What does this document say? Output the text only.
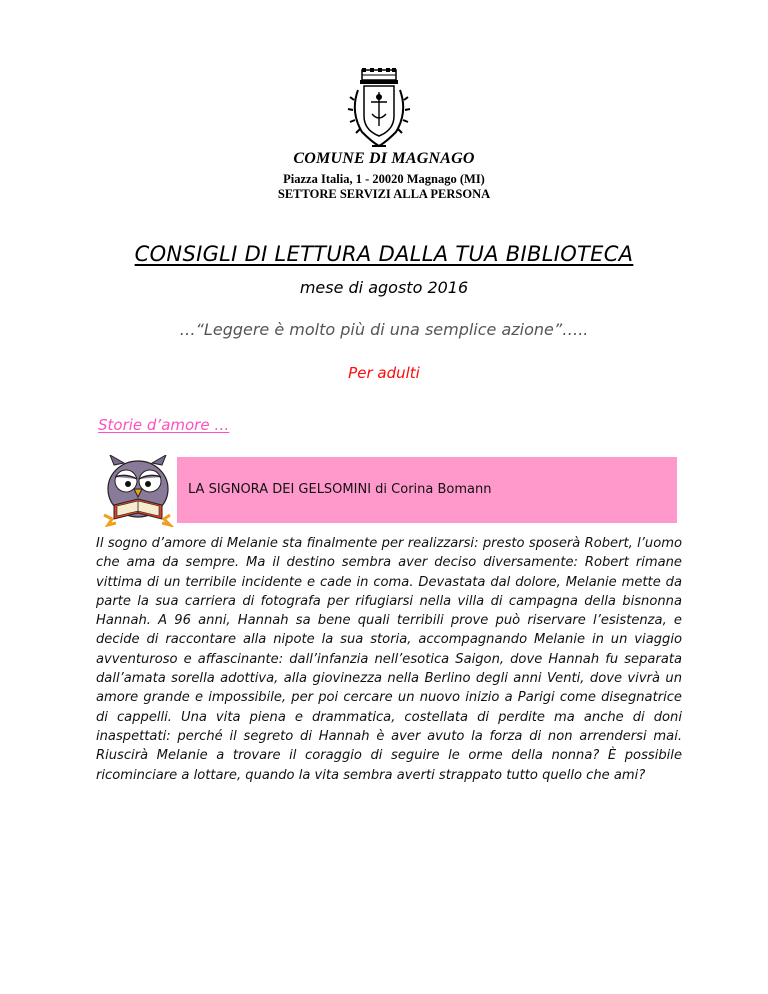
COMUNE DI MAGNAGO
Piazza Italia, 1 - 20020 Magnago (MI)
SETTORE SERVIZI ALLA PERSONA
CONSIGLI DI LETTURA DALLA TUA BIBLIOTECA
mese di agosto 2016
…“Leggere è molto più di una semplice azione”…..
Per adulti
Storie d’amore …
LA SIGNORA DEI GELSOMINI di Corina Bomann

Il sogno d’amore di Melanie sta finalmente per realizzarsi: presto sposerà Robert, l’uomo che ama da sempre. Ma il destino sembra aver deciso diversamente: Robert rimane vittima di un terribile incidente e cade in coma. Devastata dal dolore, Melanie mette da parte la sua carriera di fotografa per rifugiarsi nella villa di campagna della bisnonna Hannah. A 96 anni, Hannah sa bene quali terribili prove può riservare l’esistenza, e decide di raccontare alla nipote la sua storia, accompagnando Melanie in un viaggio avventuroso e affascinante: dall’infanzia nell’esotica Saigon, dove Hannah fu separata dall’amata sorella adottiva, alla giovinezza nella Berlino degli anni Venti, dove vivrà un amore grande e impossibile, per poi cercare un nuovo inizio a Parigi come disegnatrice di cappelli. Una vita piena e drammatica, costellata di perdite ma anche di doni inaspettati: perché il segreto di Hannah è aver avuto la forza di non arrendersi mai. Riuscirà Melanie a trovare il coraggio di seguire le orme della nonna? È possibile ricominciare a lottare, quando la vita sembra averti strappato tutto quello che ami?
